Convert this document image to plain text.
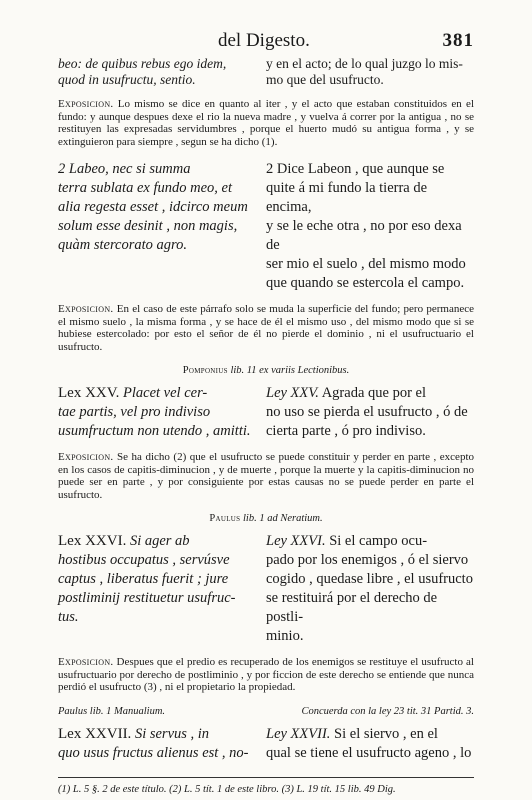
del Digesto.	381
beo: de quibus rebus ego idem,
quod in usufructu, sentio.
y en el acto; de lo qual juzgo lo mis-
mo que del usufructo.
Exposicion. Lo mismo se dice en quanto al iter , y el acto que estaban constituidos en el fundo: y aunque despues dexe el rio la nueva madre , y vuelva á correr por la antigua , no se restituyen las expresadas servidumbres , porque el huerto mudó su antigua forma , y se extinguieron para siempre , segun se ha dicho (1).
2 Labeo, nec si summa
terra sublata ex fundo meo, et
alia regesta esset , idcirco meum
solum esse desinit , non magis,
quàm stercorato agro.
2 Dice Labeon , que aunque se
quite á mi fundo la tierra de encima,
y se le eche otra , no por eso dexa de
ser mio el suelo , del mismo modo
que quando se estercola el campo.
Exposicion. En el caso de este párrafo solo se muda la superficie del fundo; pero permanece el mismo suelo , la misma forma , y se hace de él el mismo uso , del mismo modo que si se hubiese estercolado: por esto el señor de él no pierde el dominio , ni el usufructuario el usufructo.
Pomponius lib. 11 ex variis Lectionibus.
Lex XXV. Placet vel cer-
tae partis, vel pro indiviso
usumfructum non utendo , amitti.
Ley XXV. Agrada que por el
no uso se pierda el usufructo , ó de
cierta parte , ó pro indiviso.
Exposicion. Se ha dicho (2) que el usufructo se puede constituir y perder en parte , excepto en los casos de capitis-diminucion , y de muerte , porque la muerte y la capitis-diminucion no puede ser en parte , y por consiguiente por estas causas no se puede perder en parte el usufructo.
Paulus lib. 1 ad Neratium.
Lex XXVI. Si ager ab
hostibus occupatus , servúsve
captus , liberatus fuerit ; jure
postliminij restituetur usufruc-
tus.
Ley XXVI. Si el campo ocu-
pado por los enemigos , ó el siervo
cogido , quedase libre , el usufructo
se restituirá por el derecho de postli-
minio.
Exposicion. Despues que el predio es recuperado de los enemigos se restituye el usufructo al usufructuario por derecho de postliminio , y por ficcion de este derecho se entiende que nunca perdió el usufructo (3) , ni el propietario la propiedad.
Paulus lib. 1 Manualium.	Concuerda con la ley 23 tit. 31 Partid. 3.
Lex XXVII. Si servus , in
quo usus fructus alienus est , no-
Ley XXVII. Si el siervo , en el
qual se tiene el usufructo ageno , lo
(1) L. 5 §. 2 de este título. (2) L. 5 tít. 1 de este libro. (3) L. 19 tít. 15 lib. 49 Dig.
